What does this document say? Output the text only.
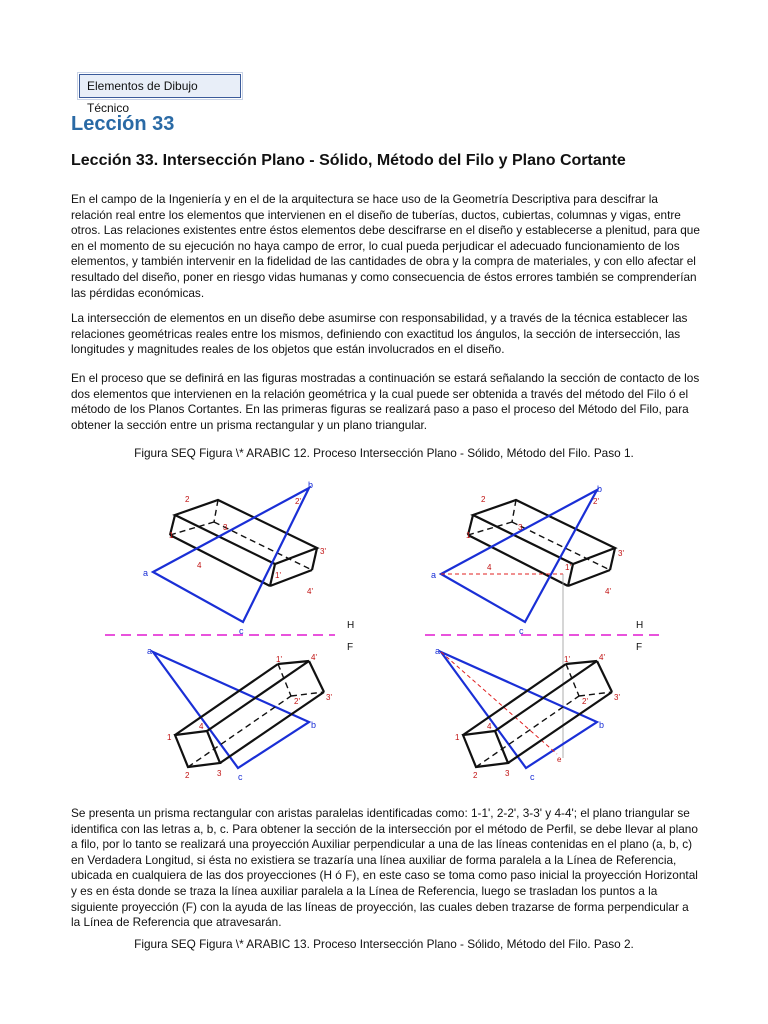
Elementos de Dibujo Técnico
Lección 33
Lección 33. Intersección Plano - Sólido, Método del Filo y Plano Cortante

En el campo de la Ingeniería y en el de la arquitectura se hace uso de la Geometría Descriptiva para descifrar la relación real entre los elementos que intervienen en el diseño de tuberías, ductos, cubiertas, columnas y vigas, entre otros. Las relaciones existentes entre éstos elementos debe descifrarse en el diseño y establecerse a plenitud, para que en el momento de su ejecución no haya campo de error, lo cual pueda perjudicar el adecuado funcionamiento de los elementos, y también intervenir en la fidelidad de las cantidades de obra y la compra de materiales, y con ello afectar el resultado del diseño, poner en riesgo vidas humanas y como consecuencia de éstos errores también se comprenderían las pérdidas económicas.

La intersección de elementos en un diseño debe asumirse con responsabilidad, y a través de la técnica establecer las relaciones geométricas reales entre los mismos, definiendo con exactitud los ángulos, la sección de intersección, las longitudes y magnitudes reales de los objetos que están involucrados en el diseño.

En el proceso que se definirá en las figuras mostradas a continuación se estará señalando la sección de contacto de los dos elementos que intervienen en la relación geométrica y la cual puede ser obtenida a través del método del Filo ó el método de los Planos Cortantes. En las primeras figuras se realizará paso a paso el proceso del Método del Filo, para obtener la sección entre un prisma rectangular y un plano triangular.

Figura SEQ Figura \* ARABIC 12. Proceso Intersección Plano - Sólido, Método del Filo. Paso 1.

2
1
3
4
2'
3'
4'
1'
a
b
c
2
1
3
4
2'
3'
4'
1'
a
b
c
H
F
H
F
1
4
2	3
1'	4'
2'	3'
a
b
c
1
4
2	3
1'	4'
2'	3'
e
a
b
c

Se presenta un prisma rectangular con aristas paralelas identificadas como: 1-1', 2-2', 3-3' y 4-4'; el plano triangular se identifica con las letras a, b, c. Para obtener la sección de la intersección por el método de Perfil, se debe llevar al plano a filo, por lo tanto se realizará una proyección Auxiliar perpendicular a una de las líneas contenidas en el plano (a, b, c) en Verdadera Longitud, si ésta no existiera se trazaría una línea auxiliar de forma paralela a la Línea de Referencia, ubicada en cualquiera de las dos proyecciones (H ó F), en este caso se toma como paso inicial la proyección Horizontal y es en ésta donde se traza la línea auxiliar paralela a la Línea de Referencia, luego se trasladan los puntos a la siguiente proyección (F) con la ayuda de las líneas de proyección, las cuales deben trazarse de forma perpendicular a la Línea de Referencia que atravesarán.

Figura SEQ Figura \* ARABIC 13. Proceso Intersección Plano - Sólido, Método del Filo. Paso 2.
